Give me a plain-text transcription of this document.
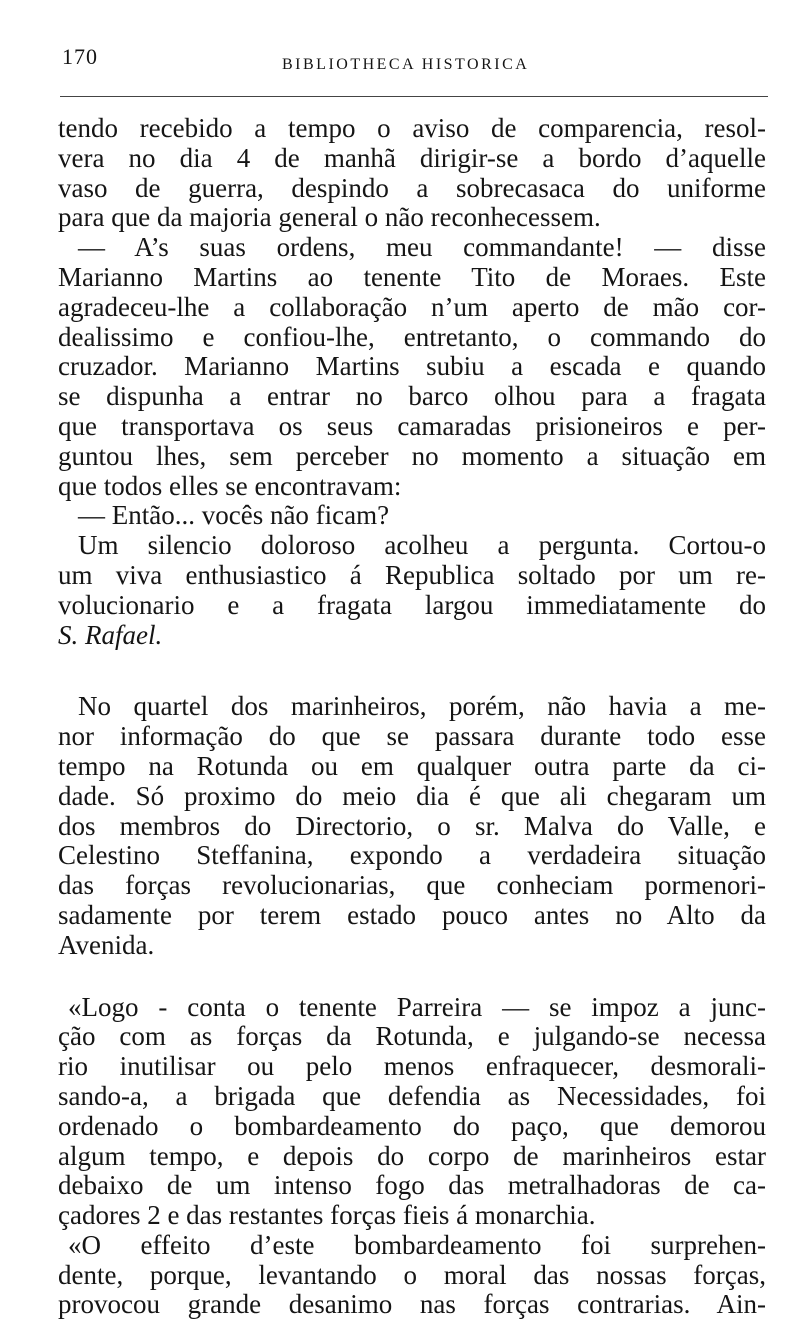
170	BIBLIOTHECA HISTORICA
tendo recebido a tempo o aviso de comparencia, resol-
vera no dia 4 de manhã dirigir-se a bordo d’aquelle
vaso de guerra, despindo a sobrecasaca do uniforme
para que da majoria general o não reconhecessem.
— A’s suas ordens, meu commandante! — disse
Marianno Martins ao tenente Tito de Moraes. Este
agradeceu-lhe a collaboração n’um aperto de mão cor-
dealissimo e confiou-lhe, entretanto, o commando do
cruzador. Marianno Martins subiu a escada e quando
se dispunha a entrar no barco olhou para a fragata
que transportava os seus camaradas prisioneiros e per-
guntou lhes, sem perceber no momento a situação em
que todos elles se encontravam:
— Então... vocês não ficam?
Um silencio doloroso acolheu a pergunta. Cortou-o
um viva enthusiastico á Republica soltado por um re-
volucionario e a fragata largou immediatamente do
S. Rafael.
No quartel dos marinheiros, porém, não havia a me-
nor informação do que se passara durante todo esse
tempo na Rotunda ou em qualquer outra parte da ci-
dade. Só proximo do meio dia é que ali chegaram um
dos membros do Directorio, o sr. Malva do Valle, e
Celestino Steffanina, expondo a verdadeira situação
das forças revolucionarias, que conheciam pormenori-
sadamente por terem estado pouco antes no Alto da
Avenida.
«Logo - conta o tenente Parreira — se impoz a junc-
ção com as forças da Rotunda, e julgando-se necessa
rio inutilisar ou pelo menos enfraquecer, desmorali-
sando-a, a brigada que defendia as Necessidades, foi
ordenado o bombardeamento do paço, que demorou
algum tempo, e depois do corpo de marinheiros estar
debaixo de um intenso fogo das metralhadoras de ca-
çadores 2 e das restantes forças fieis á monarchia.
«O effeito d’este bombardeamento foi surprehen-
dente, porque, levantando o moral das nossas forças,
provocou grande desanimo nas forças contrarias. Ain-
